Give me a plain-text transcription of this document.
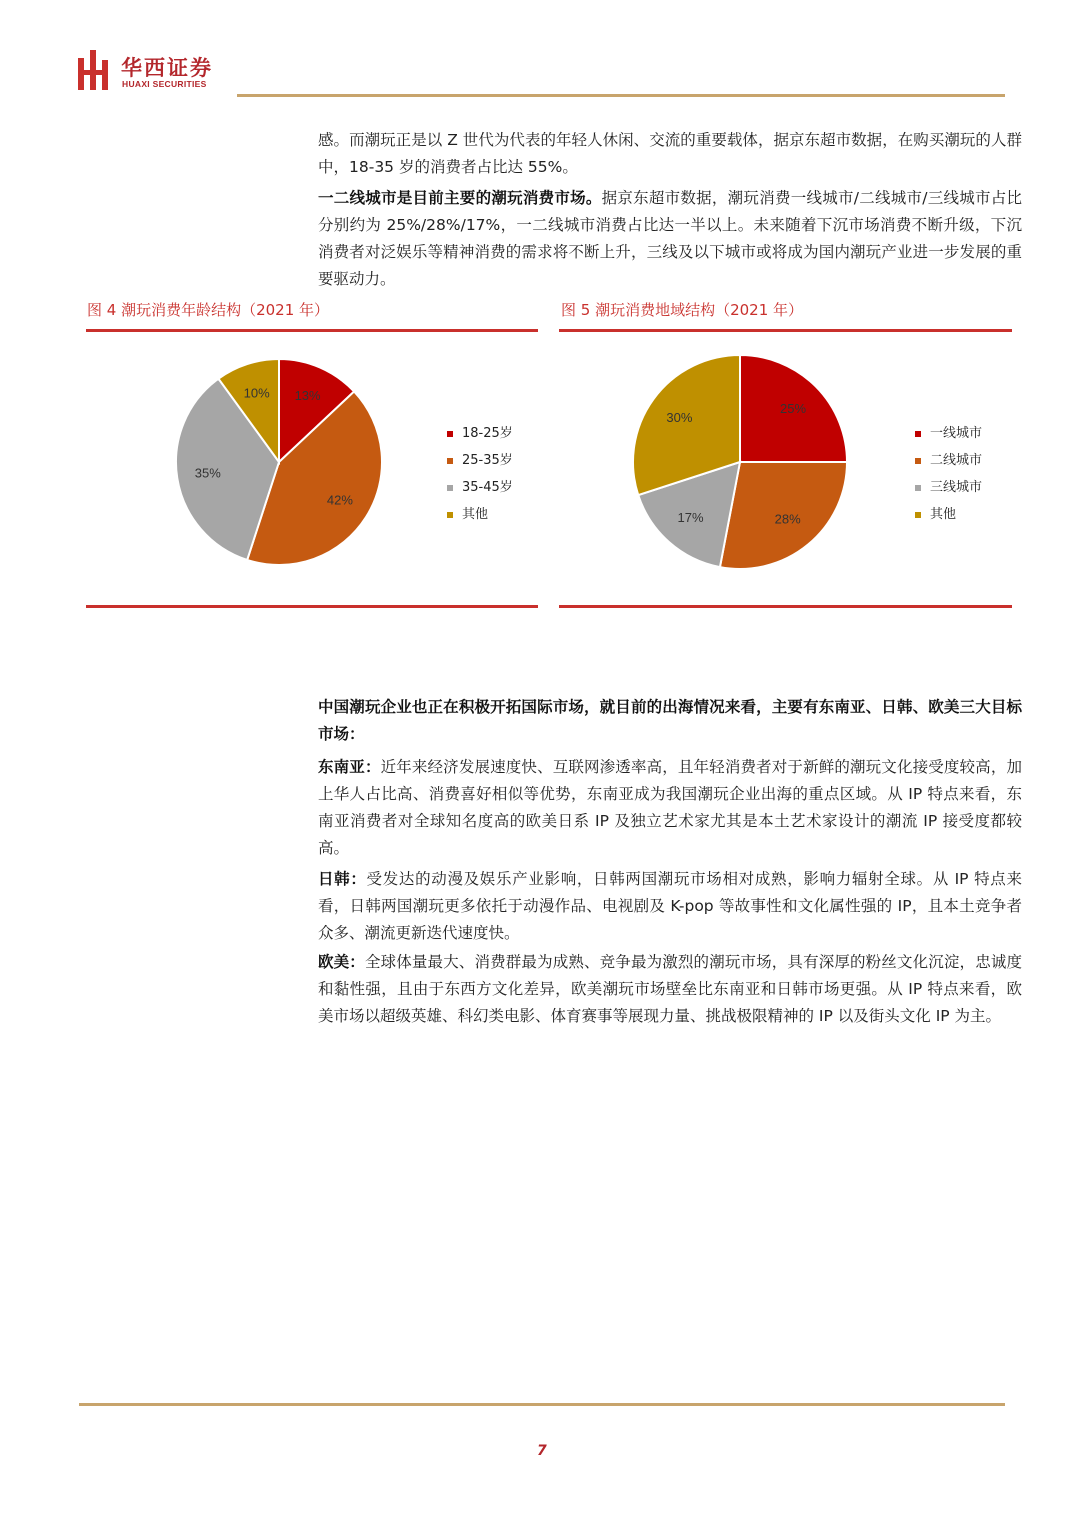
华西证券
HUAXI SECURITIES

感。而潮玩正是以 Z 世代为代表的年轻人休闲、交流的重要载体，据京东超市数据，在购买潮玩的人群中，18-35 岁的消费者占比达 55%。

一二线城市是目前主要的潮玩消费市场。据京东超市数据，潮玩消费一线城市/二线城市/三线城市占比分别约为 25%/28%/17%，一二线城市消费占比达一半以上。未来随着下沉市场消费不断升级，下沉消费者对泛娱乐等精神消费的需求将不断上升，三线及以下城市或将成为国内潮玩产业进一步发展的重要驱动力。

图 4 潮玩消费年龄结构（2021 年）
13%
42%
35%
10%
18-25岁
25-35岁
35-45岁
其他
图 5 潮玩消费地域结构（2021 年）
25%
28%
17%
30%
一线城市
二线城市
三线城市
其他

中国潮玩企业也正在积极开拓国际市场，就目前的出海情况来看，主要有东南亚、日韩、欧美三大目标市场：

东南亚：近年来经济发展速度快、互联网渗透率高，且年轻消费者对于新鲜的潮玩文化接受度较高，加上华人占比高、消费喜好相似等优势，东南亚成为我国潮玩企业出海的重点区域。从 IP 特点来看，东南亚消费者对全球知名度高的欧美日系 IP 及独立艺术家尤其是本土艺术家设计的潮流 IP 接受度都较高。

日韩：受发达的动漫及娱乐产业影响，日韩两国潮玩市场相对成熟，影响力辐射全球。从 IP 特点来看，日韩两国潮玩更多依托于动漫作品、电视剧及 K-pop 等故事性和文化属性强的 IP，且本土竞争者众多、潮流更新迭代速度快。

欧美：全球体量最大、消费群最为成熟、竞争最为激烈的潮玩市场，具有深厚的粉丝文化沉淀，忠诚度和黏性强，且由于东西方文化差异，欧美潮玩市场壁垒比东南亚和日韩市场更强。从 IP 特点来看，欧美市场以超级英雄、科幻类电影、体育赛事等展现力量、挑战极限精神的 IP 以及街头文化 IP 为主。

7
